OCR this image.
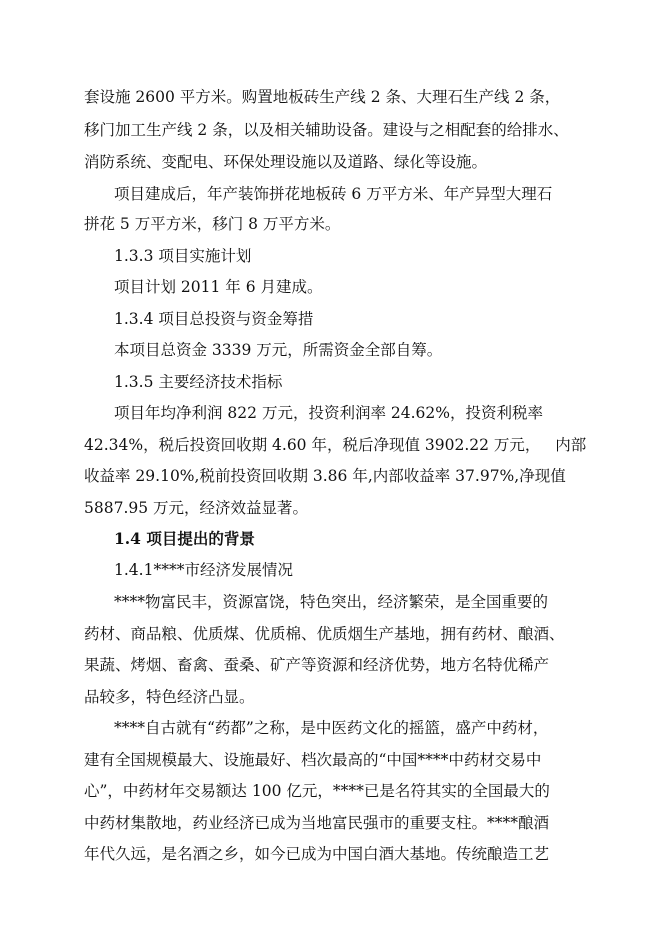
套设施 2600 平方米。购置地板砖生产线 2 条、大理石生产线 2 条，
移门加工生产线 2 条，以及相关辅助设备。建设与之相配套的给排水、
消防系统、变配电、环保处理设施以及道路、绿化等设施。
项目建成后，年产装饰拼花地板砖 6 万平方米、年产异型大理石
拼花 5 万平方米，移门 8 万平方米。
1.3.3 项目实施计划
项目计划 2011 年 6 月建成。
1.3.4 项目总投资与资金筹措
本项目总资金 3339 万元，所需资金全部自筹。
1.3.5 主要经济技术指标
项目年均净利润 822 万元，投资利润率 24.62%，投资利税率
42.34%，税后投资回收期 4.60 年，税后净现值 3902.22 万元，   内部
收益率 29.10%,税前投资回收期 3.86 年,内部收益率 37.97%,净现值
5887.95 万元，经济效益显著。
1.4 项目提出的背景
1.4.1****市经济发展情况
****物富民丰，资源富饶，特色突出，经济繁荣，是全国重要的
药材、商品粮、优质煤、优质棉、优质烟生产基地，拥有药材、酿酒、
果蔬、烤烟、畜禽、蚕桑、矿产等资源和经济优势，地方名特优稀产
品较多，特色经济凸显。
****自古就有“药都”之称，是中医药文化的摇篮，盛产中药材，
建有全国规模最大、设施最好、档次最高的“中国****中药材交易中
心”，中药材年交易额达 100 亿元，****已是名符其实的全国最大的
中药材集散地，药业经济已成为当地富民强市的重要支柱。****酿酒
年代久远，是名酒之乡，如今已成为中国白酒大基地。传统酿造工艺
